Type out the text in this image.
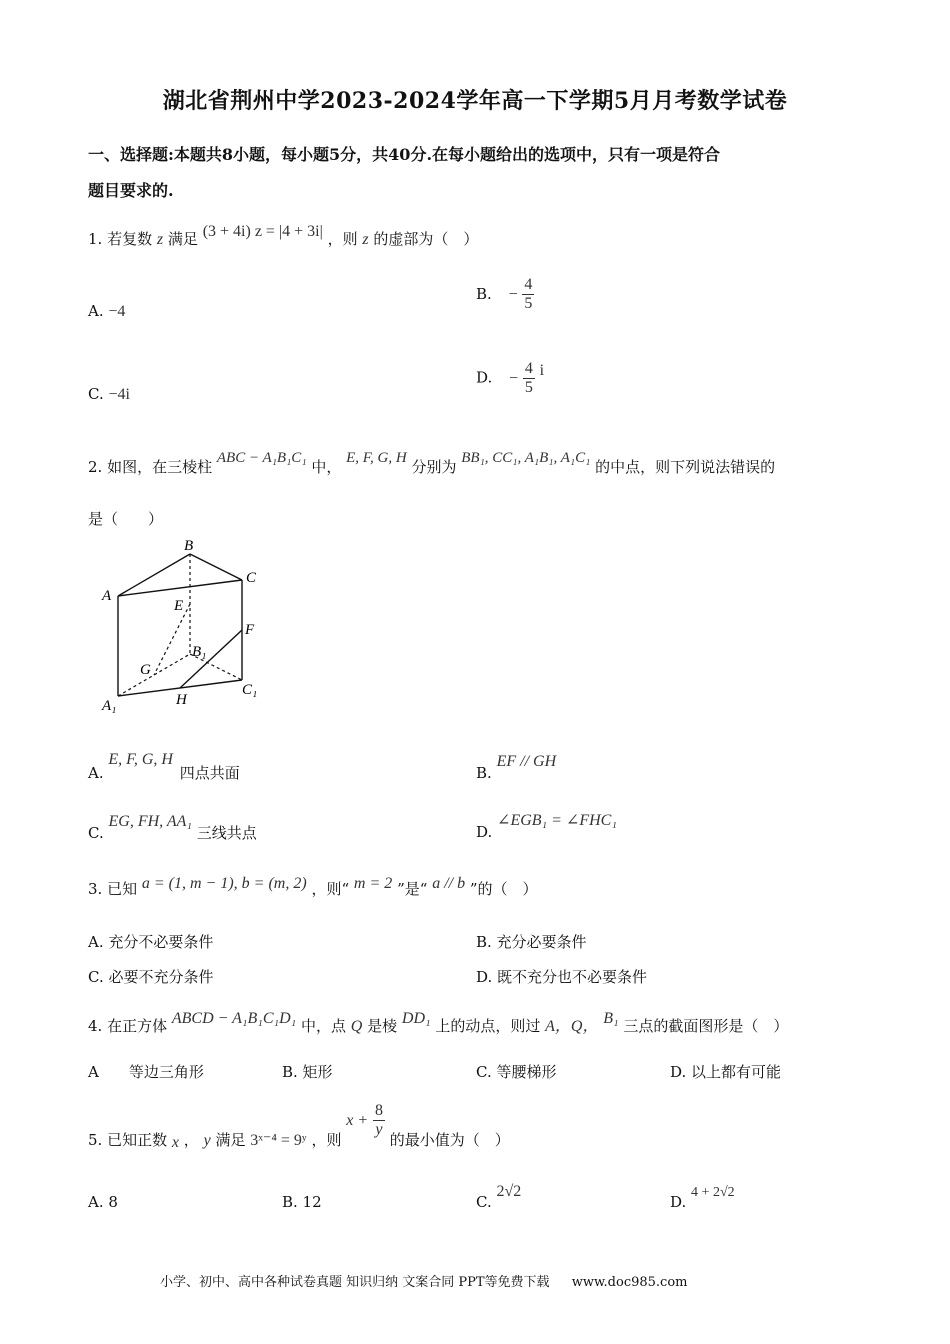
湖北省荆州中学2023-2024学年高一下学期5月月考数学试卷
一、选择题:本题共8小题，每小题5分，共40分.在每小题给出的选项中，只有一项是符合
题目要求的.
1. 若复数 z 满足 (3 + 4i) z = |4 + 3i| ，则 z 的虚部为（　）
A. −4
B. − $\frac{4}{5}$
C. −4i
D. − $\frac{4}{5}$ i
2. 如图，在三棱柱 ABC − A₁B₁C₁ 中， E, F, G, H 分别为 BB₁, CC₁, A₁B₁, A₁C₁ 的中点，则下列说法错误的
是（　　）
B
C
A
E
F
B₁
G
C₁
A₁	H
A. E, F, G, H 四点共面	B. EF // GH
C. EG, FH, AA₁ 三线共点	D. ∠EGB₁ = ∠FHC₁
3. 已知 a = (1, m − 1), b = (m, 2) ，则“ m = 2 ”是“ a // b ”的（　）
A. 充分不必要条件	B. 充分必要条件
C. 必要不充分条件	D. 既不充分也不必要条件
4. 在正方体 ABCD − A₁B₁C₁D₁ 中，点 Q 是棱 DD₁ 上的动点，则过 A，Q， B₁ 三点的截面图形是（　）
A　　等边三角形	B. 矩形	C. 等腰梯形	D. 以上都有可能
5. 已知正数 x ， y 满足 3ˣ⁻⁴ = 9ʸ ，则 $x + \frac{8}{y}$
的最小值为（　）
A. 8	B. 12	C. 2√2
D. 4 + 2√2
小学、初中、高中各种试卷真题 知识归纳 文案合同 PPT等免费下载 www.doc985.com
